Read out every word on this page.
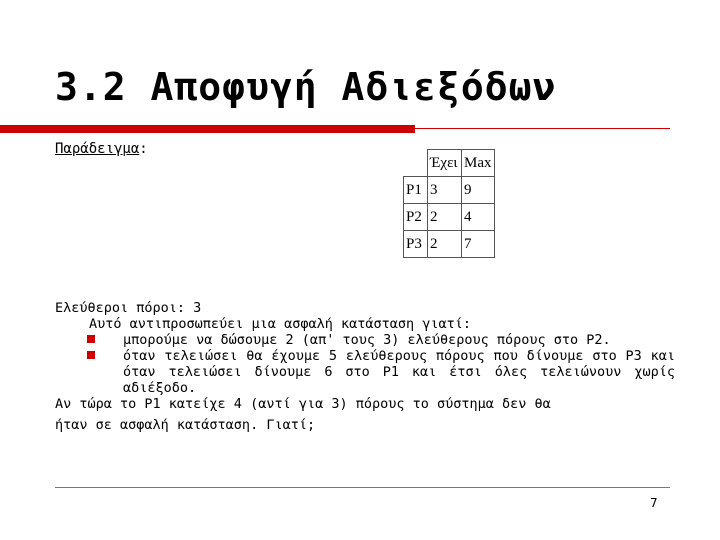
3.2 Αποφυγή Αδιεξόδων
Παράδειγμα:
	Έχει	Max
P1	3	9
P2	2	4
P3	2	7
Ελεύθεροι πόροι: 3
Αυτό αντιπροσωπεύει μια ασφαλή κατάσταση γιατί:
μπορούμε να δώσουμε 2 (απ' τους 3) ελεύθερους πόρους στο Ρ2.
όταν τελειώσει θα έχουμε 5 ελεύθερους πόρους που δίνουμε στο Ρ3 και όταν τελειώσει δίνουμε 6 στο Ρ1 και έτσι όλες τελειώνουν χωρίς αδιέξοδο.
Αν τώρα το Ρ1 κατείχε 4 (αντί για 3) πόρους το σύστημα δεν θα
ήταν σε ασφαλή κατάσταση. Γιατί;
7
